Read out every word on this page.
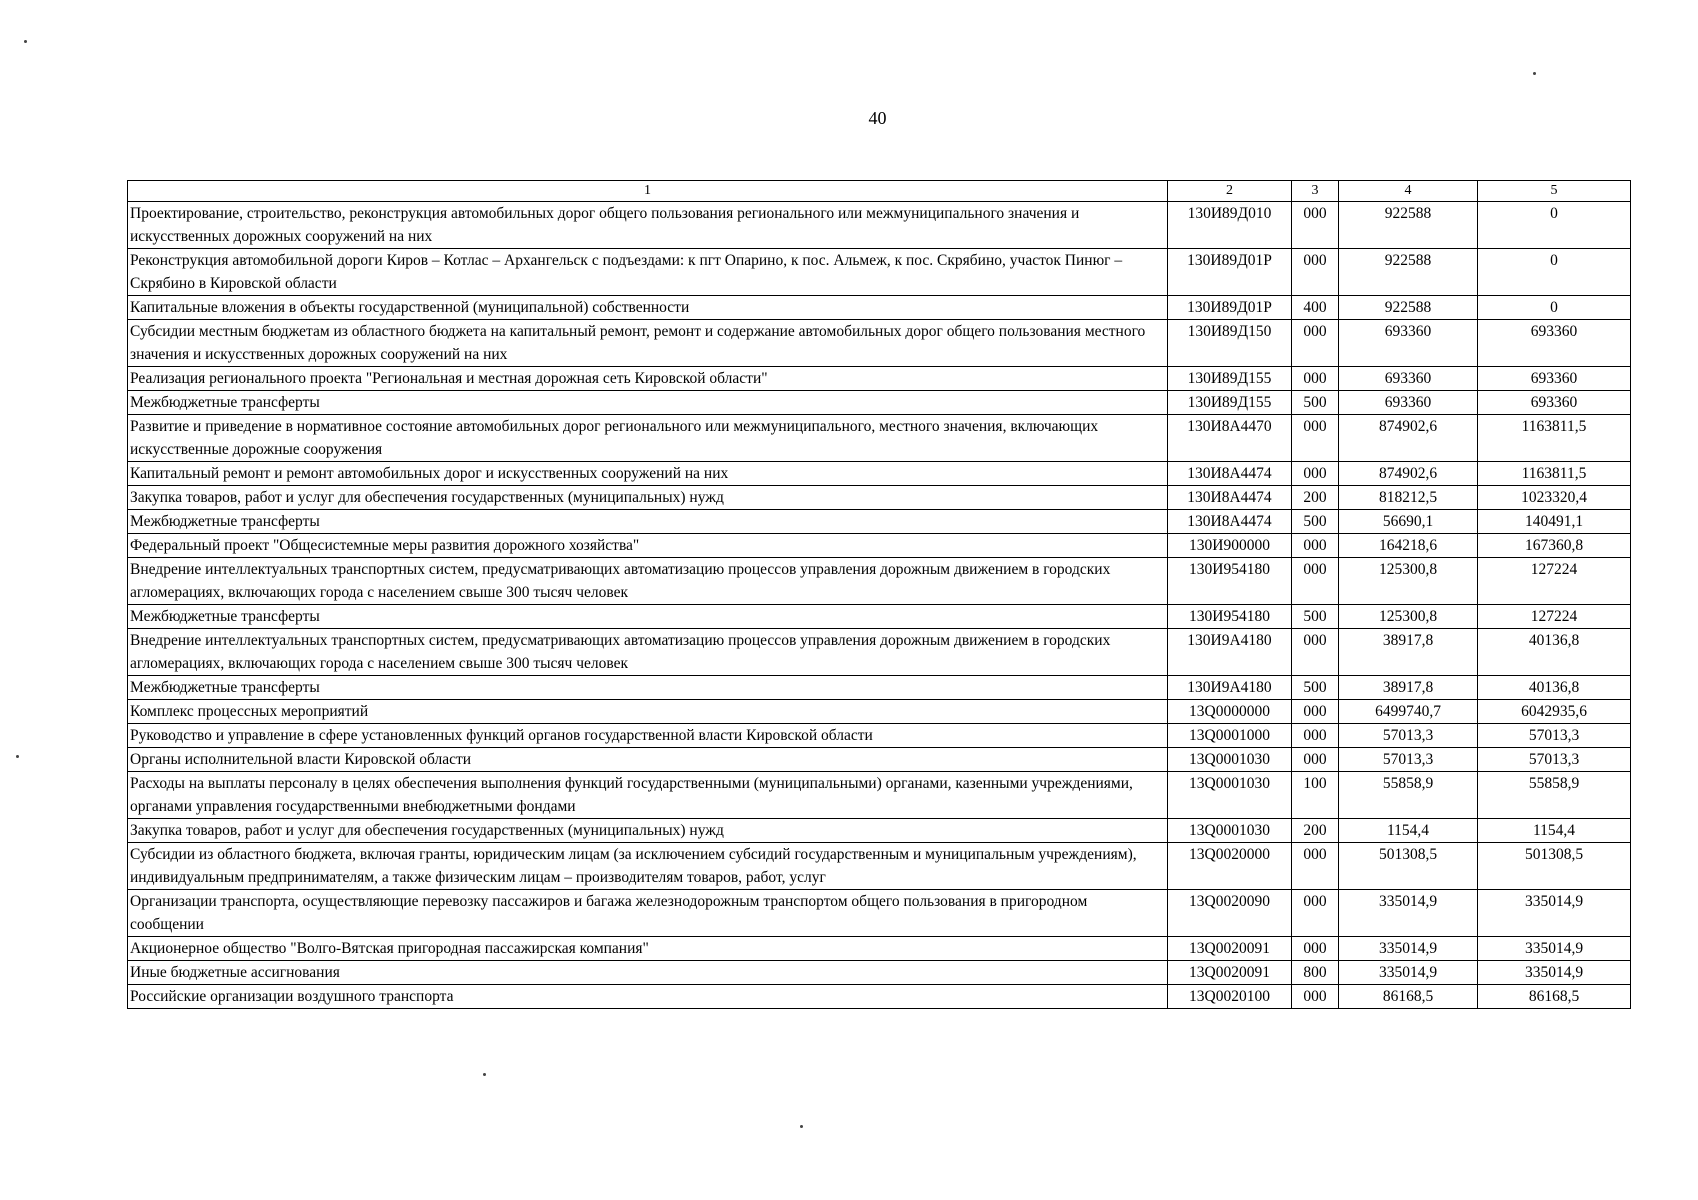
40
1	2	3	4	5
Проектирование, строительство, реконструкция автомобильных дорог общего пользования регионального или межмуниципального значения и искусственных дорожных сооружений на них	130И89Д010	000	922588	0
Реконструкция автомобильной дороги Киров – Котлас – Архангельск с подъездами: к пгт Опарино, к пос. Альмеж, к пос. Скрябино, участок Пинюг – Скрябино в Кировской области	130И89Д01Р	000	922588	0
Капитальные вложения в объекты государственной (муниципальной) собственности	130И89Д01Р	400	922588	0
Субсидии местным бюджетам из областного бюджета на капитальный ремонт, ремонт и содержание автомобильных дорог общего пользования местного значения и искусственных дорожных сооружений на них	130И89Д150	000	693360	693360
Реализация регионального проекта "Региональная и местная дорожная сеть Кировской области"	130И89Д155	000	693360	693360
Межбюджетные трансферты	130И89Д155	500	693360	693360
Развитие и приведение в нормативное состояние автомобильных дорог регионального или межмуниципального, местного значения, включающих искусственные дорожные сооружения	130И8А4470	000	874902,6	1163811,5
Капитальный ремонт и ремонт автомобильных дорог и искусственных сооружений на них	130И8А4474	000	874902,6	1163811,5
Закупка товаров, работ и услуг для обеспечения государственных (муниципальных) нужд	130И8А4474	200	818212,5	1023320,4
Межбюджетные трансферты	130И8А4474	500	56690,1	140491,1
Федеральный проект "Общесистемные меры развития дорожного хозяйства"	130И900000	000	164218,6	167360,8
Внедрение интеллектуальных транспортных систем, предусматривающих автоматизацию процессов управления дорожным движением в городских агломерациях, включающих города с населением свыше 300 тысяч человек	130И954180	000	125300,8	127224
Межбюджетные трансферты	130И954180	500	125300,8	127224
Внедрение интеллектуальных транспортных систем, предусматривающих автоматизацию процессов управления дорожным движением в городских агломерациях, включающих города с населением свыше 300 тысяч человек	130И9А4180	000	38917,8	40136,8
Межбюджетные трансферты	130И9А4180	500	38917,8	40136,8
Комплекс процессных мероприятий	13Q0000000	000	6499740,7	6042935,6
Руководство и управление в сфере установленных функций органов государственной власти Кировской области	13Q0001000	000	57013,3	57013,3
Органы исполнительной власти Кировской области	13Q0001030	000	57013,3	57013,3
Расходы на выплаты персоналу в целях обеспечения выполнения функций государственными (муниципальными) органами, казенными учреждениями, органами управления государственными внебюджетными фондами	13Q0001030	100	55858,9	55858,9
Закупка товаров, работ и услуг для обеспечения государственных (муниципальных) нужд	13Q0001030	200	1154,4	1154,4
Субсидии из областного бюджета, включая гранты, юридическим лицам (за исключением субсидий государственным и муниципальным учреждениям), индивидуальным предпринимателям, а также физическим лицам – производителям товаров, работ, услуг	13Q0020000	000	501308,5	501308,5
Организации транспорта, осуществляющие перевозку пассажиров и багажа железнодорожным транспортом общего пользования в пригородном сообщении	13Q0020090	000	335014,9	335014,9
Акционерное общество "Волго-Вятская пригородная пассажирская компания"	13Q0020091	000	335014,9	335014,9
Иные бюджетные ассигнования	13Q0020091	800	335014,9	335014,9
Российские организации воздушного транспорта	13Q0020100	000	86168,5	86168,5
